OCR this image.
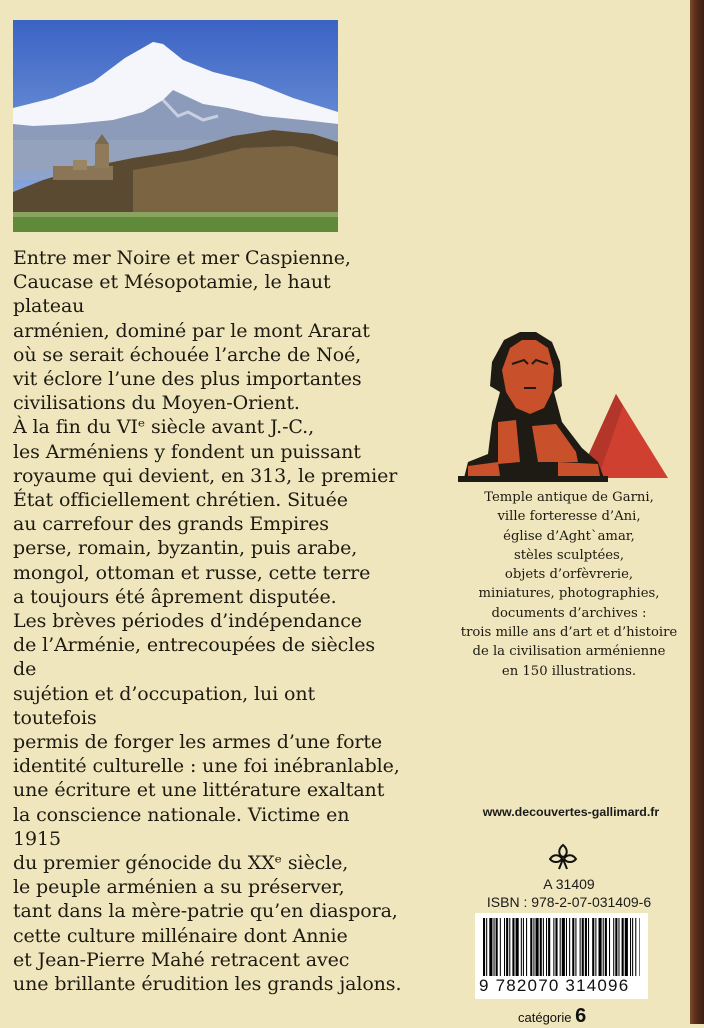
Entre mer Noire et mer Caspienne,
Caucase et Mésopotamie, le haut plateau
arménien, dominé par le mont Ararat
où se serait échouée l’arche de Noé,
vit éclore l’une des plus importantes
civilisations du Moyen-Orient.
À la fin du VIᵉ siècle avant J.-C.,
les Arméniens y fondent un puissant
royaume qui devient, en 313, le premier
État officiellement chrétien. Située
au carrefour des grands Empires
perse, romain, byzantin, puis arabe,
mongol, ottoman et russe, cette terre
a toujours été âprement disputée.
Les brèves périodes d’indépendance
de l’Arménie, entrecoupées de siècles de
sujétion et d’occupation, lui ont toutefois
permis de forger les armes d’une forte
identité culturelle : une foi inébranlable,
une écriture et une littérature exaltant
la conscience nationale. Victime en 1915
du premier génocide du XXᵉ siècle,
le peuple arménien a su préserver,
tant dans la mère-patrie qu’en diaspora,
cette culture millénaire dont Annie
et Jean-Pierre Mahé retracent avec
une brillante érudition les grands jalons.
Temple antique de Garni,
ville forteresse d’Ani,
église d’Aght`amar,
stèles sculptées,
objets d’orfèvrerie,
miniatures, photographies,
documents d’archives :
trois mille ans d’art et d’histoire
de la civilisation arménienne
en 150 illustrations.
www.decouvertes-gallimard.fr
A 31409
ISBN : 978-2-07-031409-6
9 782070 314096
catégorie 6
